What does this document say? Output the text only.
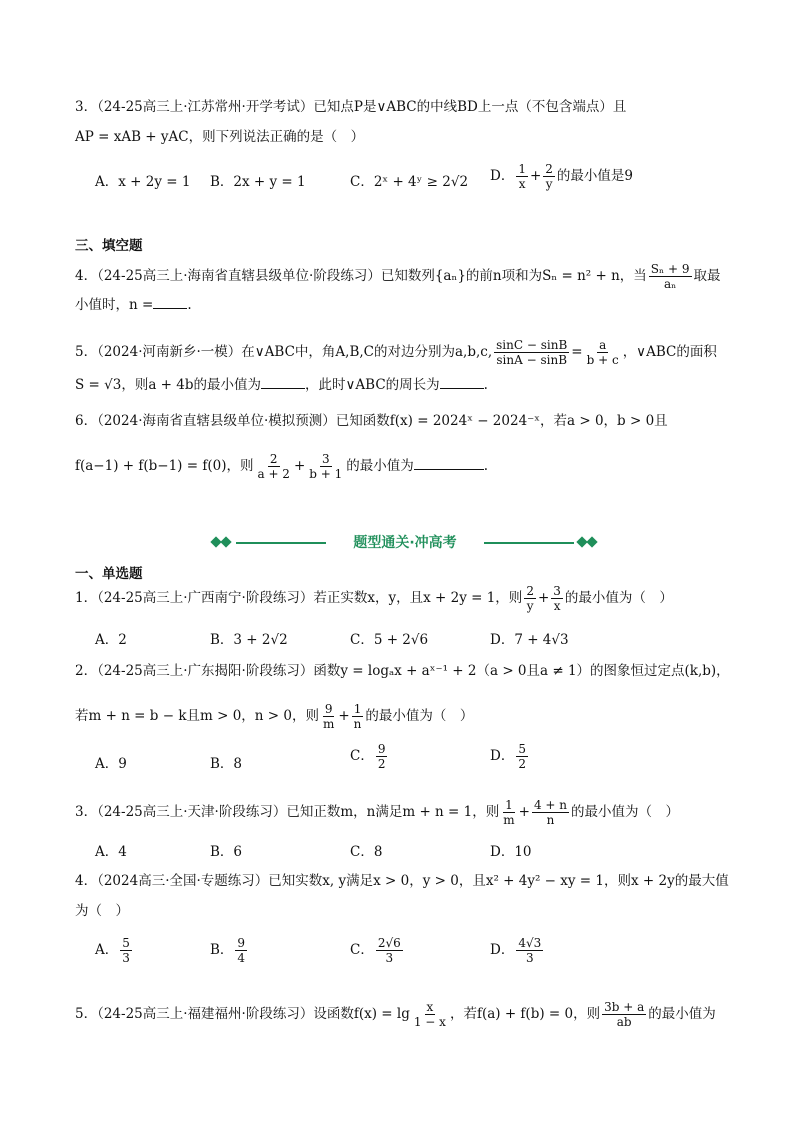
3．（24-25高三上·江苏常州·开学考试）已知点P是∨ABC的中线BD上一点（不包含端点）且
AP = xAB + yAC，则下列说法正确的是（　）
A．x + 2y = 1 B．2x + y = 1	C．2ˣ + 4ʸ ≥ 2√2 D． $\frac{1}{x} + \frac{2}{y}$ 的最小值是9
三、填空题
4．（24-25高三上·海南省直辖县级单位·阶段练习）已知数列{aₙ}的前n项和为Sₙ = n² + n，当 $\frac{\text{Sₙ + 9}}{\text{aₙ}}$ 取最
小值时，n =	.
5．（2024·河南新乡·一模）在∨ABC中，角A,B,C的对边分别为a,b,c, $\frac{\sin C - \sin B}{\sin A - \sin B} = \frac{a}{b + c}$ ，∨ABC的面积
S = √3，则a + 4b的最小值为	，此时∨ABC的周长为	.
6．（2024·海南省直辖县级单位·模拟预测）已知函数f(x) = 2024ˣ − 2024⁻ˣ，若a > 0，b > 0且
f(a−1) + f(b−1) = f(0)，则 $\frac{2}{a + 2} + \frac{3}{b + 1}$ 的最小值为	.
题型通关·冲高考
一、单选题
1．（24-25高三上·广西南宁·阶段练习）若正实数x，y，且x + 2y = 1，则 $\frac{2}{y} + \frac{3}{x}$ 的最小值为（　）
A．2	B．3 + 2√2	C．5 + 2√6	D．7 + 4√3
2．（24-25高三上·广东揭阳·阶段练习）函数y = logₐx + aˣ⁻¹ + 2（a > 0且a ≠ 1）的图象恒过定点(k,b)，
若m + n = b − k且m > 0，n > 0，则 $\frac{9}{m} + \frac{1}{n}$ 的最小值为（　）
A．9	B．8	C． $\frac{9}{2}$	D． $\frac{5}{2}$
3．（24-25高三上·天津·阶段练习）已知正数m，n满足m + n = 1，则 $\frac{1}{m} + \frac{4 + n}{n}$ 的最小值为（　）
A．4	B．6	C．8	D．10
4．（2024高三·全国·专题练习）已知实数x, y满足x > 0，y > 0，且x² + 4y² − xy = 1，则x + 2y的最大值
为（　）
A． $\frac{5}{3}$	B． $\frac{9}{4}$	C． $\frac{2√6}{3}$	D． $\frac{4√3}{3}$
5．（24-25高三上·福建福州·阶段练习）设函数$f(x) = \lg \frac{x}{1 - x}$ ，若f(a) + f(b) = 0，则 $\frac{3b + a}{ab}$ 的最小值为
